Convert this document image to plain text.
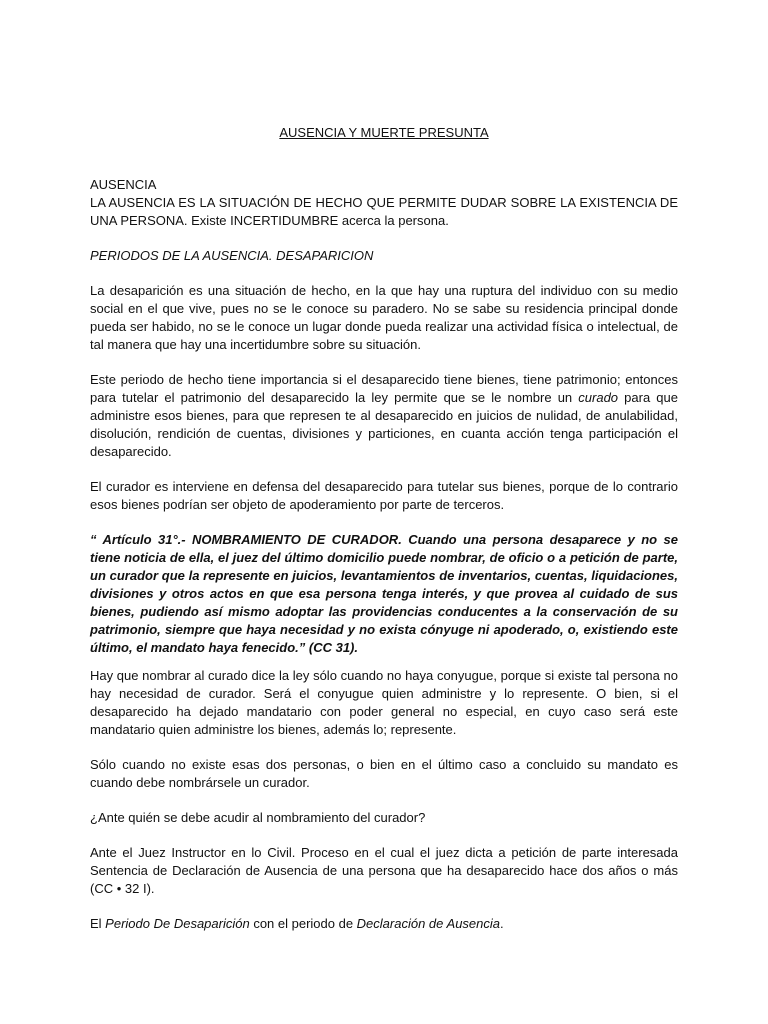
AUSENCIA Y MUERTE PRESUNTA

AUSENCIA

LA AUSENCIA ES LA SITUACIÓN DE HECHO QUE PERMITE DUDAR SOBRE LA EXISTENCIA DE UNA PERSONA. Existe INCERTIDUMBRE acerca la persona.

PERIODOS DE LA AUSENCIA. DESAPARICION

La desaparición es una situación de hecho, en la que hay una ruptura del individuo con su medio social en el que vive, pues no se le conoce su paradero. No se sabe su residencia principal donde pueda ser habido, no se le conoce un lugar donde pueda realizar una actividad física o intelectual, de tal manera que hay una incertidumbre sobre su situación.

Este periodo de hecho tiene importancia si el desaparecido tiene bienes, tiene patrimonio; entonces para tutelar el patrimonio del desaparecido la ley permite que se le nombre un curado para que administre esos bienes, para que represen te al desaparecido en juicios de nulidad, de anulabilidad, disolución, rendición de cuentas, divisiones y particiones, en cuanta acción tenga participación el desaparecido.

El curador es interviene en defensa del desaparecido para tutelar sus bienes, porque de lo contrario esos bienes podrían ser objeto de apoderamiento por parte de terceros.

“ Artículo 31°.- NOMBRAMIENTO DE CURADOR. Cuando una persona desaparece y no se tiene noticia de ella, el juez del último domicilio puede nombrar, de oficio o a petición de parte, un curador que la represente en juicios, levantamientos de inventarios, cuentas, liquidaciones, divisiones y otros actos en que esa persona tenga interés, y que provea al cuidado de sus bienes, pudiendo así mismo adoptar las providencias conducentes a la conservación de su patrimonio, siempre que haya necesidad y no exista cónyuge ni apoderado, o, existiendo este último, el mandato haya fenecido.” (CC 31).

Hay que nombrar al curado dice la ley sólo cuando no haya conyugue, porque si existe tal persona no hay necesidad de curador. Será el conyugue quien administre y lo represente. O bien, si el desaparecido ha dejado mandatario con poder general no especial, en cuyo caso será este mandatario quien administre los bienes, además lo; represente.

Sólo cuando no existe esas dos personas, o bien en el último caso a concluido su mandato es cuando debe nombrársele un curador.

¿Ante quién se debe acudir al nombramiento del curador?

Ante el Juez Instructor en lo Civil. Proceso en el cual el juez dicta a petición de parte interesada Sentencia de Declaración de Ausencia de una persona que ha desaparecido hace dos años o más (CC • 32 I).

El Periodo De Desaparición con el periodo de Declaración de Ausencia.
